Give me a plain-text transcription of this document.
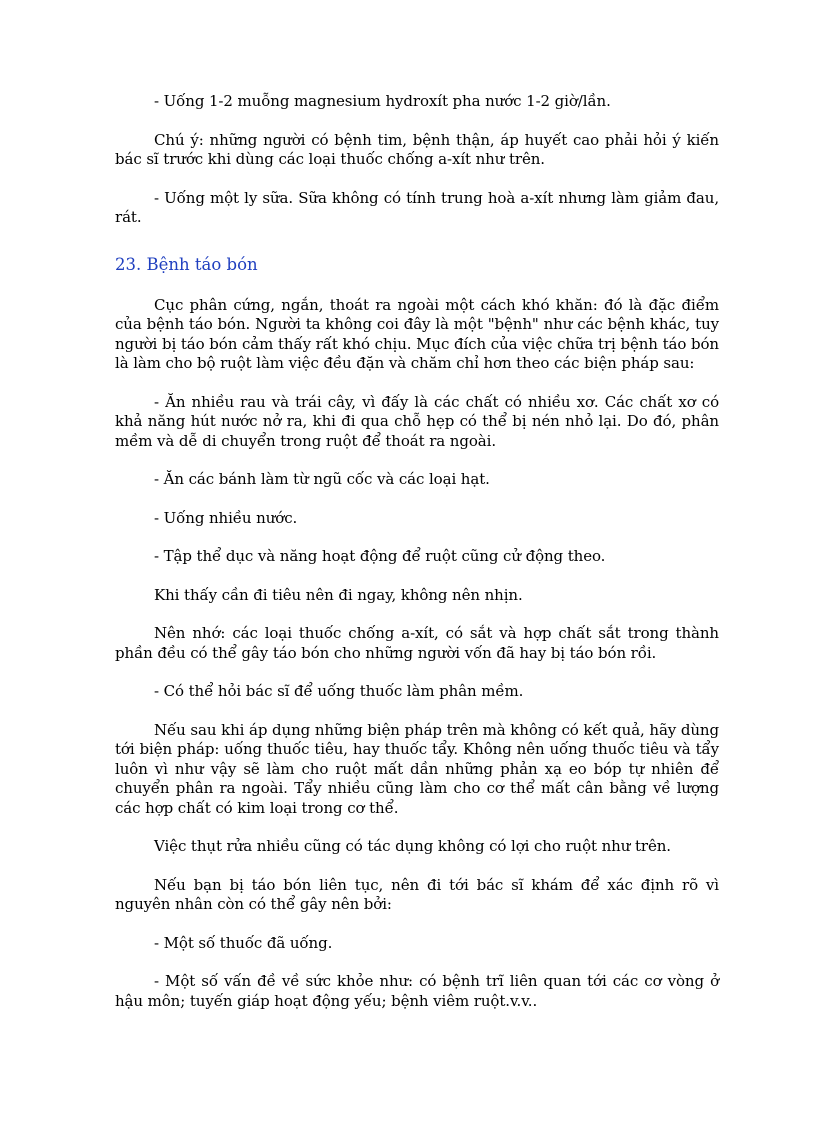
- Uống 1-2 muỗng magnesium hydroxít pha nước 1-2 giờ/lần.

Chú ý: những người có bệnh tim, bệnh thận, áp huyết cao phải hỏi ý kiến bác sĩ trước khi dùng các loại thuốc chống a-xít như trên.

- Uống một ly sữa. Sữa không có tính trung hoà a-xít nhưng làm giảm đau, rát.

23. Bệnh táo bón

Cục phân cứng, ngắn, thoát ra ngoài một cách khó khăn: đó là đặc điểm của bệnh táo bón. Người ta không coi đây là một "bệnh" như các bệnh khác, tuy người bị táo bón cảm thấy rất khó chịu. Mục đích của việc chữa trị bệnh táo bón là làm cho bộ ruột làm việc đều đặn và chăm chỉ hơn theo các biện pháp sau:

- Ăn nhiều rau và trái cây, vì đấy là các chất có nhiều xơ. Các chất xơ có khả năng hút nước nở ra, khi đi qua chỗ hẹp có thể bị nén nhỏ lại. Do đó, phân mềm và dễ di chuyển trong ruột để thoát ra ngoài.

- Ăn các bánh làm từ ngũ cốc và các loại hạt.

- Uống nhiều nước.

- Tập thể dục và năng hoạt động để ruột cũng cử động theo.

Khi thấy cần đi tiêu nên đi ngay, không nên nhịn.

Nên nhớ: các loại thuốc chống a-xít, có sắt và hợp chất sắt trong thành phần đều có thể gây táo bón cho những người vốn đã hay bị táo bón rồi.

- Có thể hỏi bác sĩ để uống thuốc làm phân mềm.

Nếu sau khi áp dụng những biện pháp trên mà không có kết quả, hãy dùng tới biện pháp: uống thuốc tiêu, hay thuốc tẩy. Không nên uống thuốc tiêu và tẩy luôn vì như vậy sẽ làm cho ruột mất dần những phản xạ eo bóp tự nhiên để chuyển phân ra ngoài. Tẩy nhiều cũng làm cho cơ thể mất cân bằng về lượng các hợp chất có kim loại trong cơ thể.

Việc thụt rửa nhiều cũng có tác dụng không có lợi cho ruột như trên.

Nếu bạn bị táo bón liên tục, nên đi tới bác sĩ khám để xác định rõ vì nguyên nhân còn có thể gây nên bởi:

- Một số thuốc đã uống.

- Một số vấn đề về sức khỏe như: có bệnh trĩ liên quan tới các cơ vòng ở hậu môn; tuyến giáp hoạt động yếu; bệnh viêm ruột.v.v..
